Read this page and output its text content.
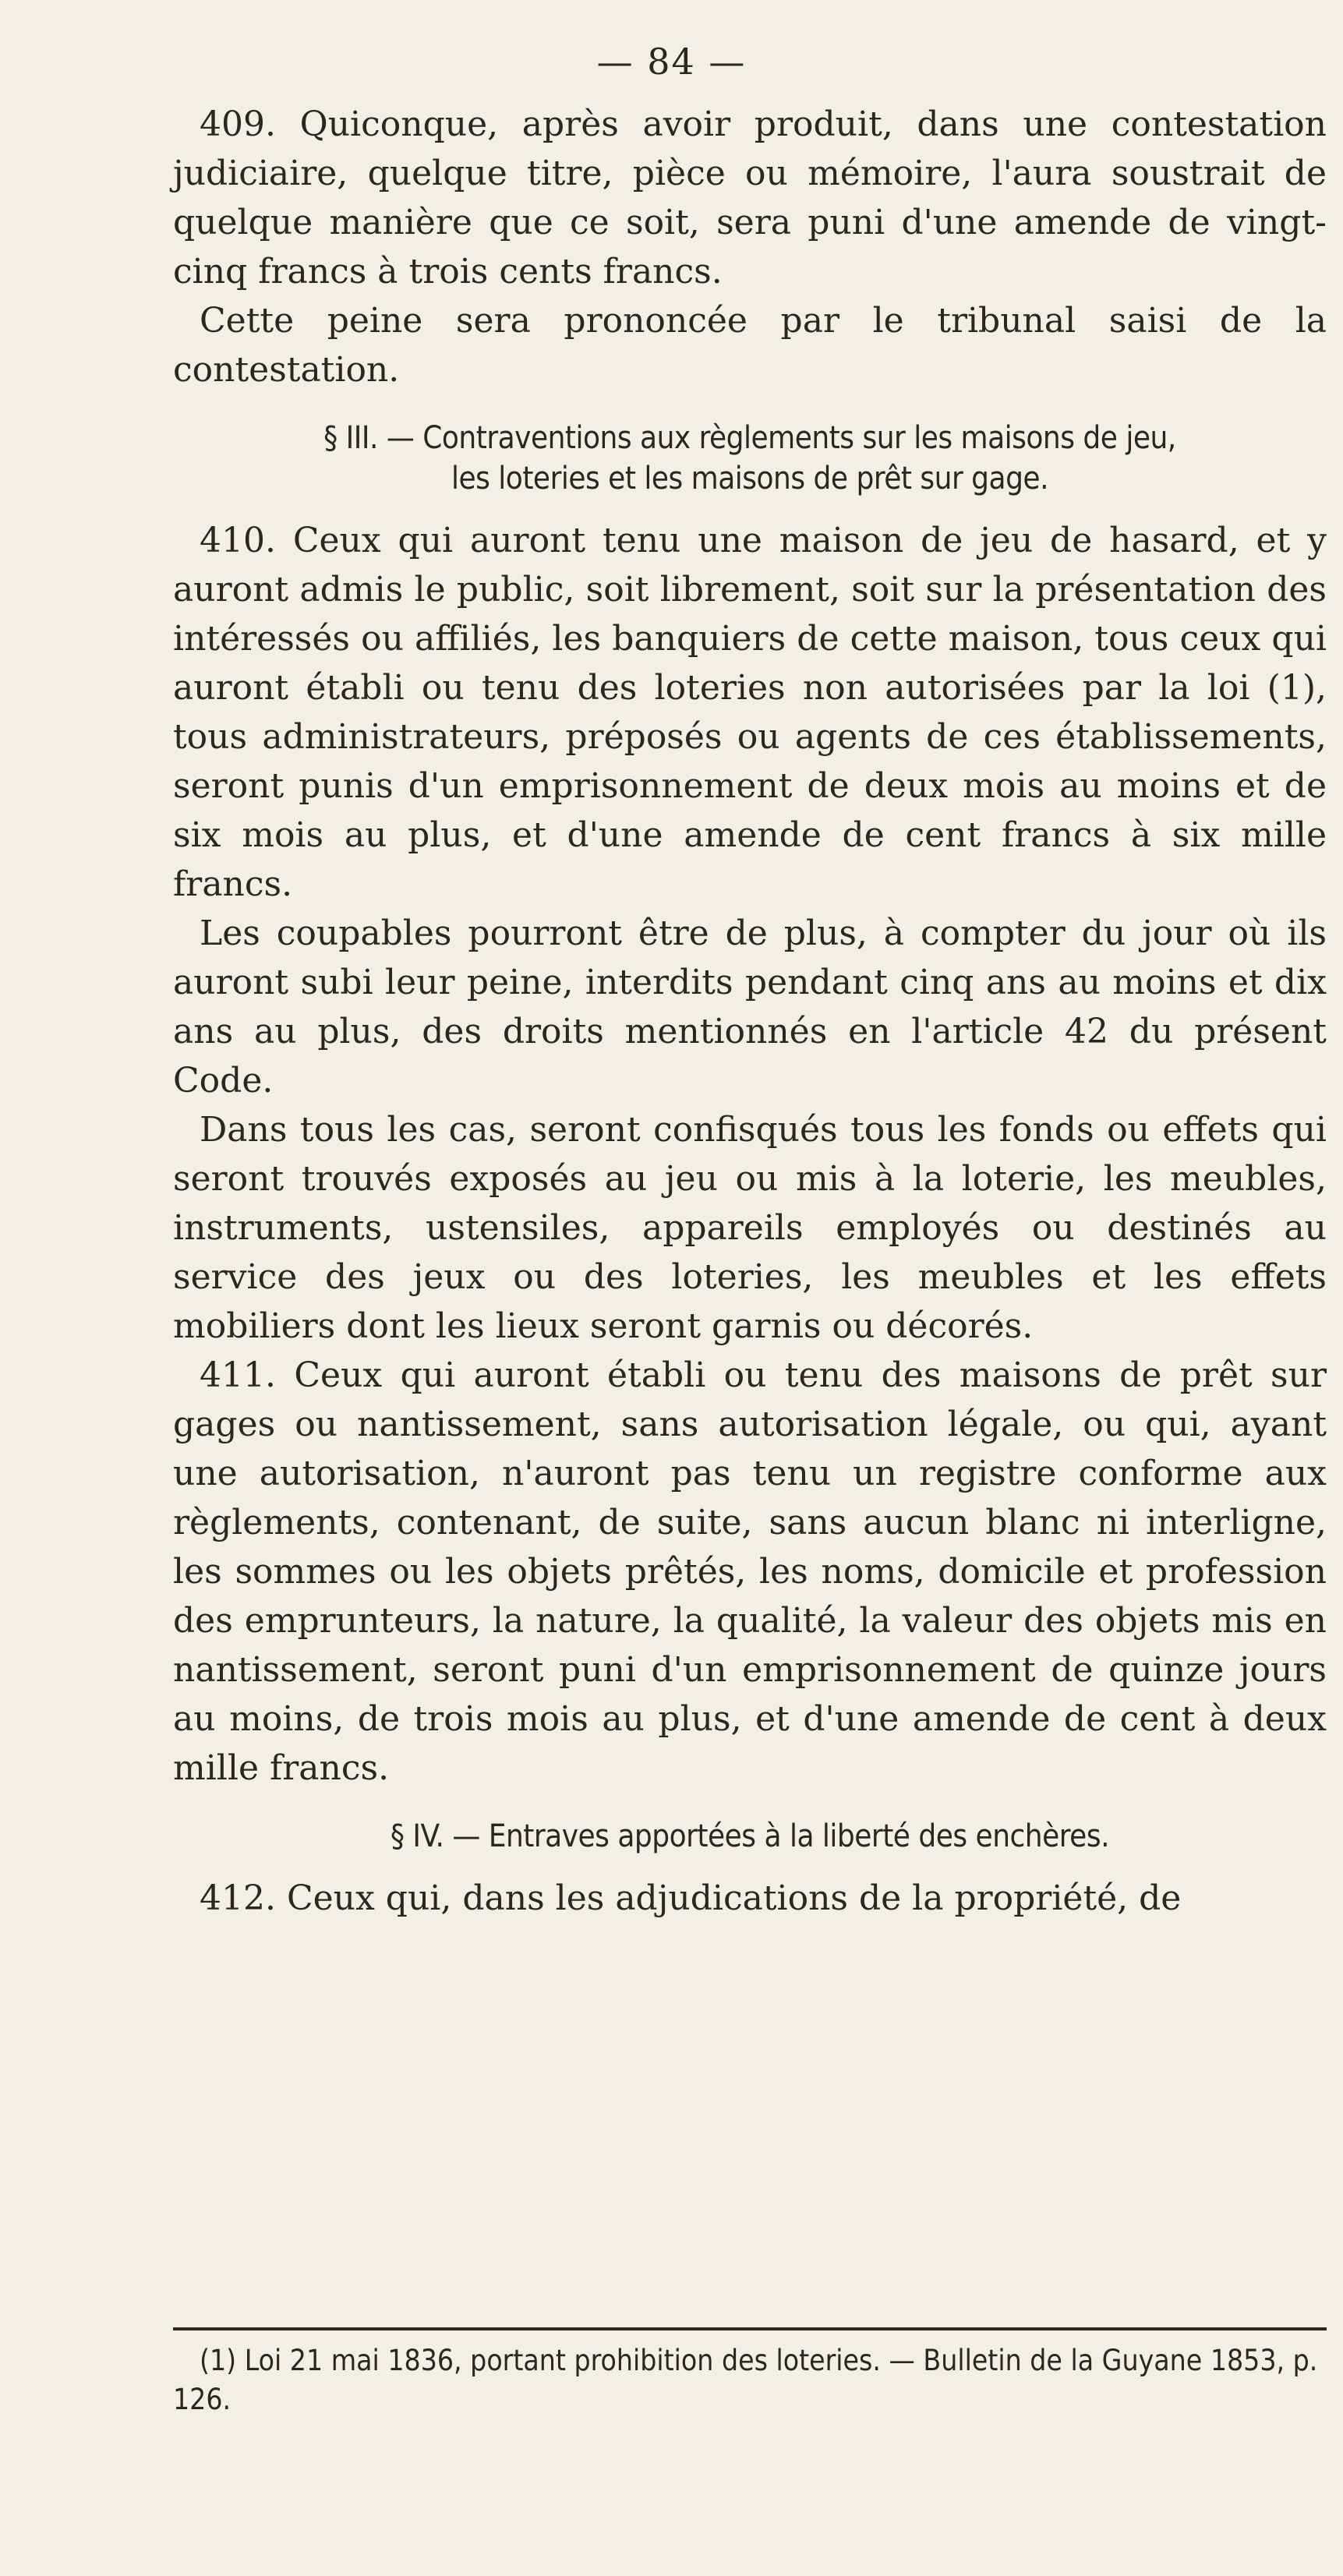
— 84 —

409. Quiconque, après avoir produit, dans une contestation judiciaire, quelque titre, pièce ou mémoire, l'aura soustrait de quelque manière que ce soit, sera puni d'une amende de vingt-cinq francs à trois cents francs.

Cette peine sera prononcée par le tribunal saisi de la contestation.

§ III. — Contraventions aux règlements sur les maisons de jeu,
les loteries et les maisons de prêt sur gage.

410. Ceux qui auront tenu une maison de jeu de hasard, et y auront admis le public, soit librement, soit sur la présentation des intéressés ou affiliés, les banquiers de cette maison, tous ceux qui auront établi ou tenu des loteries non autorisées par la loi (1), tous administrateurs, préposés ou agents de ces établissements, seront punis d'un emprisonnement de deux mois au moins et de six mois au plus, et d'une amende de cent francs à six mille francs.

Les coupables pourront être de plus, à compter du jour où ils auront subi leur peine, interdits pendant cinq ans au moins et dix ans au plus, des droits mentionnés en l'article 42 du présent Code.

Dans tous les cas, seront confisqués tous les fonds ou effets qui seront trouvés exposés au jeu ou mis à la loterie, les meubles, instruments, ustensiles, appareils employés ou destinés au service des jeux ou des loteries, les meubles et les effets mobiliers dont les lieux seront garnis ou décorés.

411. Ceux qui auront établi ou tenu des maisons de prêt sur gages ou nantissement, sans autorisation légale, ou qui, ayant une autorisation, n'auront pas tenu un registre conforme aux règlements, contenant, de suite, sans aucun blanc ni interligne, les sommes ou les objets prêtés, les noms, domicile et profession des emprunteurs, la nature, la qualité, la valeur des objets mis en nantissement, seront puni d'un emprisonnement de quinze jours au moins, de trois mois au plus, et d'une amende de cent à deux mille francs.

§ IV. — Entraves apportées à la liberté des enchères.

412. Ceux qui, dans les adjudications de la propriété, de

(1) Loi 21 mai 1836, portant prohibition des loteries. — Bulletin de la Guyane 1853, p. 126.
